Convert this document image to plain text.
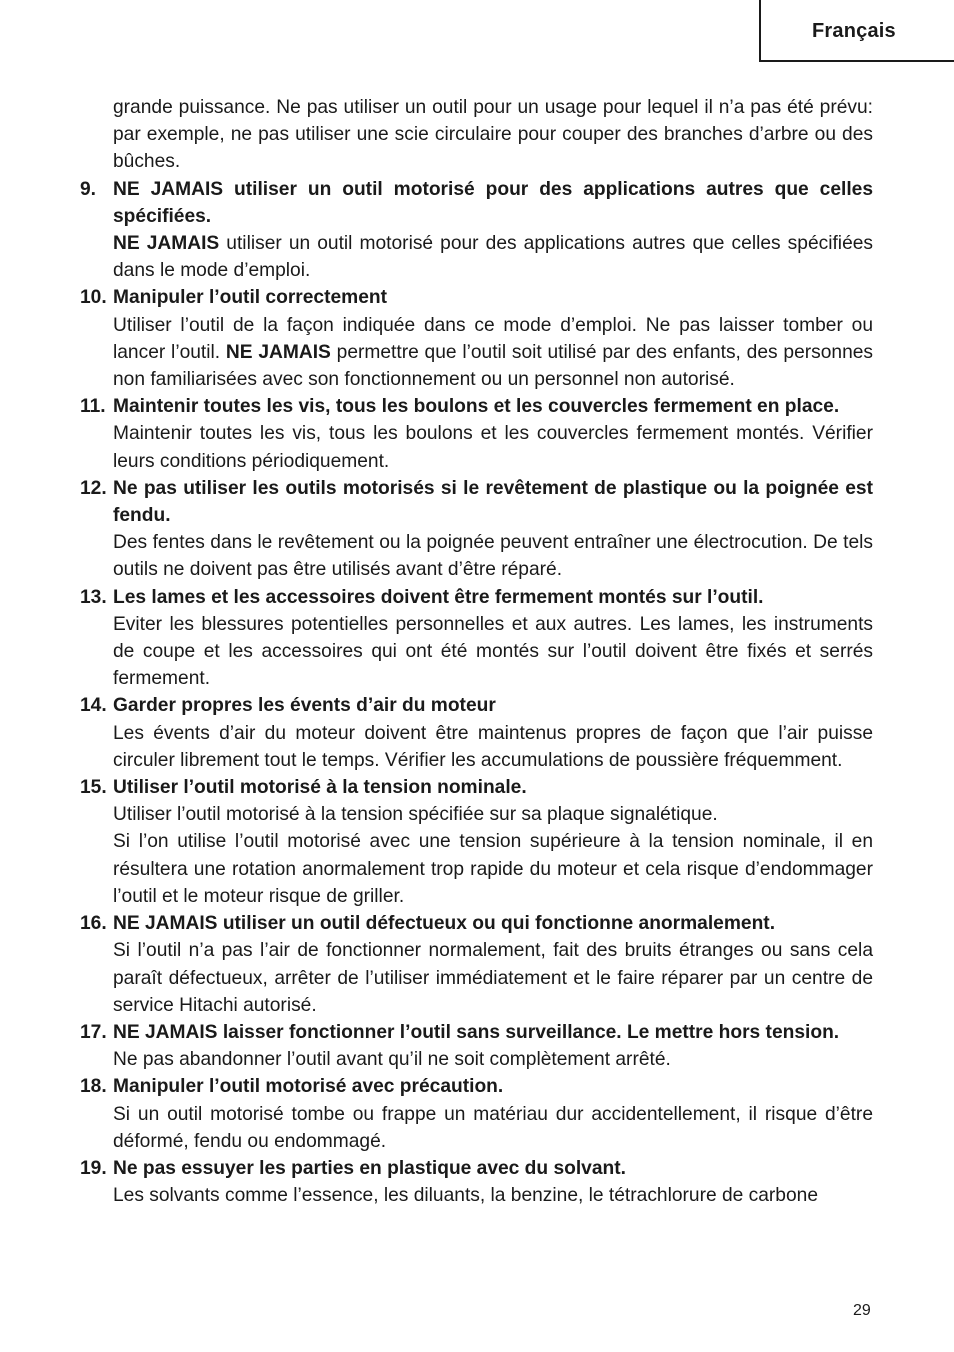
Français

grande puissance. Ne pas utiliser un outil pour un usage pour lequel il n’a pas été prévu: par exemple, ne pas utiliser une scie circulaire pour couper des branches d’arbre ou des bûches.

9. NE JAMAIS utiliser un outil motorisé pour des applications autres que celles spécifiées.

NE JAMAIS utiliser un outil motorisé pour des applications autres que celles spécifiées dans le mode d’emploi.

10. Manipuler l’outil correctement

Utiliser l’outil de la façon indiquée dans ce mode d’emploi. Ne pas laisser tomber ou lancer l’outil. NE JAMAIS permettre que l’outil soit utilisé par des enfants, des personnes non familiarisées avec son fonctionnement ou un personnel non autorisé.

11. Maintenir toutes les vis, tous les boulons et les couvercles fermement en place.

Maintenir toutes les vis, tous les boulons et les couvercles fermement montés. Vérifier leurs conditions périodiquement.

12. Ne pas utiliser les outils motorisés si le revêtement de plastique ou la poignée est fendu.

Des fentes dans le revêtement ou la poignée peuvent entraîner une électrocution. De tels outils ne doivent pas être utilisés avant d’être réparé.

13. Les lames et les accessoires doivent être fermement montés sur l’outil.

Eviter les blessures potentielles personnelles et aux autres. Les lames, les instruments de coupe et les accessoires qui ont été montés sur l’outil doivent être fixés et serrés fermement.

14. Garder propres les évents d’air du moteur

Les évents d’air du moteur doivent être maintenus propres de façon que l’air puisse circuler librement tout le temps. Vérifier les accumulations de poussière fréquemment.

15. Utiliser l’outil motorisé à la tension nominale.

Utiliser l’outil motorisé à la tension spécifiée sur sa plaque signalétique.

Si l’on utilise l’outil motorisé avec une tension supérieure à la tension nominale, il en résultera une rotation anormalement trop rapide du moteur et cela risque d’endommager l’outil et le moteur risque de griller.

16. NE JAMAIS utiliser un outil défectueux ou qui fonctionne anormalement.

Si l’outil n’a pas l’air de fonctionner normalement, fait des bruits étranges ou sans cela paraît défectueux, arrêter de l’utiliser immédiatement et le faire réparer par un centre de service Hitachi autorisé.

17. NE JAMAIS laisser fonctionner l’outil sans surveillance. Le mettre hors tension.

Ne pas abandonner l’outil avant qu’il ne soit complètement arrêté.

18. Manipuler l’outil motorisé avec précaution.

Si un outil motorisé tombe ou frappe un matériau dur accidentellement, il risque d’être déformé, fendu ou endommagé.

19. Ne pas essuyer les parties en plastique avec du solvant.

Les solvants comme l’essence, les diluants, la benzine, le tétrachlorure de carbone

29
